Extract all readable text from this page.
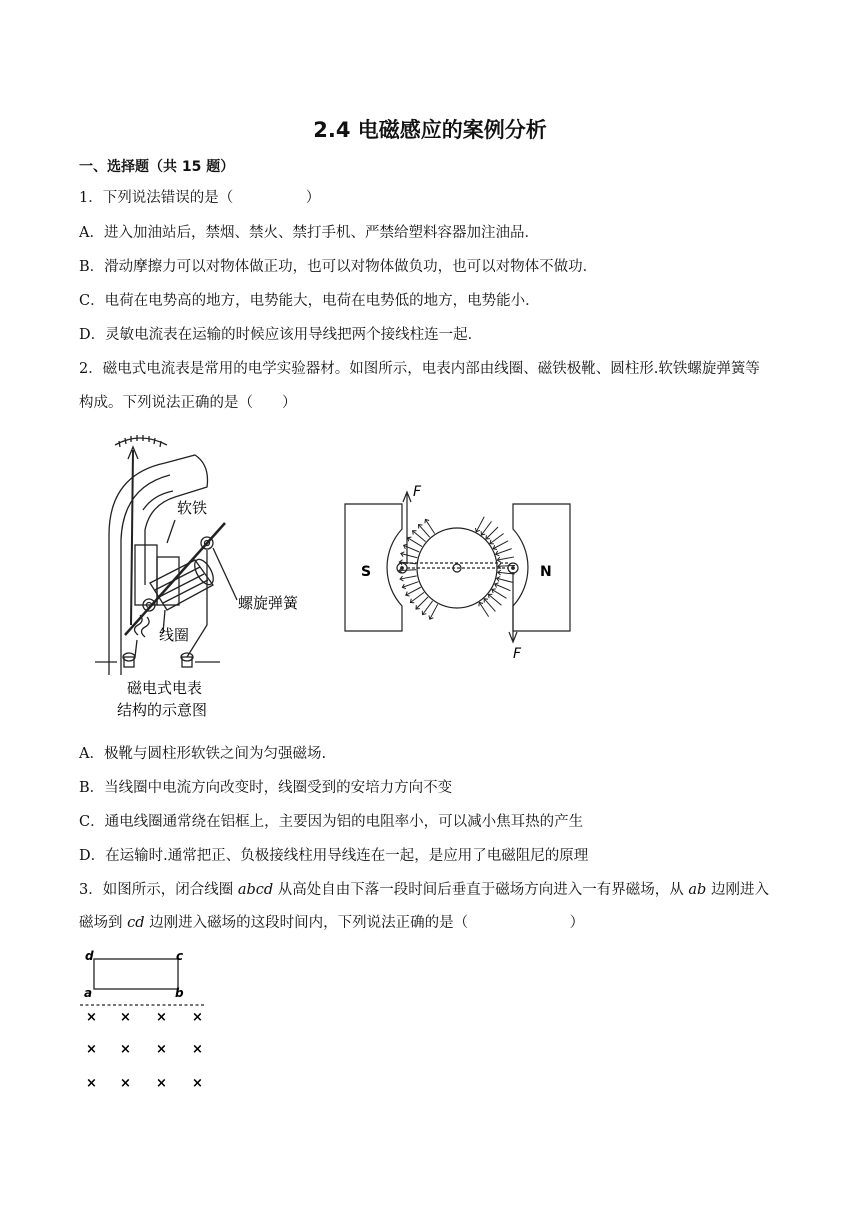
2.4 电磁感应的案例分析
一、选择题（共 15 题）
1．下列说法错误的是（　　　　　）
A．进入加油站后，禁烟、禁火、禁打手机、严禁给塑料容器加注油品．
B．滑动摩擦力可以对物体做正功，也可以对物体做负功，也可以对物体不做功．
C．电荷在电势高的地方，电势能大，电荷在电势低的地方，电势能小．
D．灵敏电流表在运输的时候应该用导线把两个接线柱连一起．
2．磁电式电流表是常用的电学实验器材。如图所示，电表内部由线圈、磁铁极靴、圆柱形.软铁螺旋弹簧等
构成。下列说法正确的是（　　）
软铁
螺旋弹簧
线圈
磁电式电表
结构的示意图
S	N
F
F
A．极靴与圆柱形软铁之间为匀强磁场.
B．当线圈中电流方向改变时，线圈受到的安培力方向不变
C．通电线圈通常绕在铝框上，主要因为铝的电阻率小，可以减小焦耳热的产生
D．在运输时.通常把正、负极接线柱用导线连在一起，是应用了电磁阻尼的原理
3．如图所示，闭合线圈 abcd 从高处自由下落一段时间后垂直于磁场方向进入一有界磁场，从 ab 边刚进入
磁场到 cd 边刚进入磁场的这段时间内，下列说法正确的是（　　　　　　　）
d	c
a	b
× × × ×
× × × ×
× × × ×
